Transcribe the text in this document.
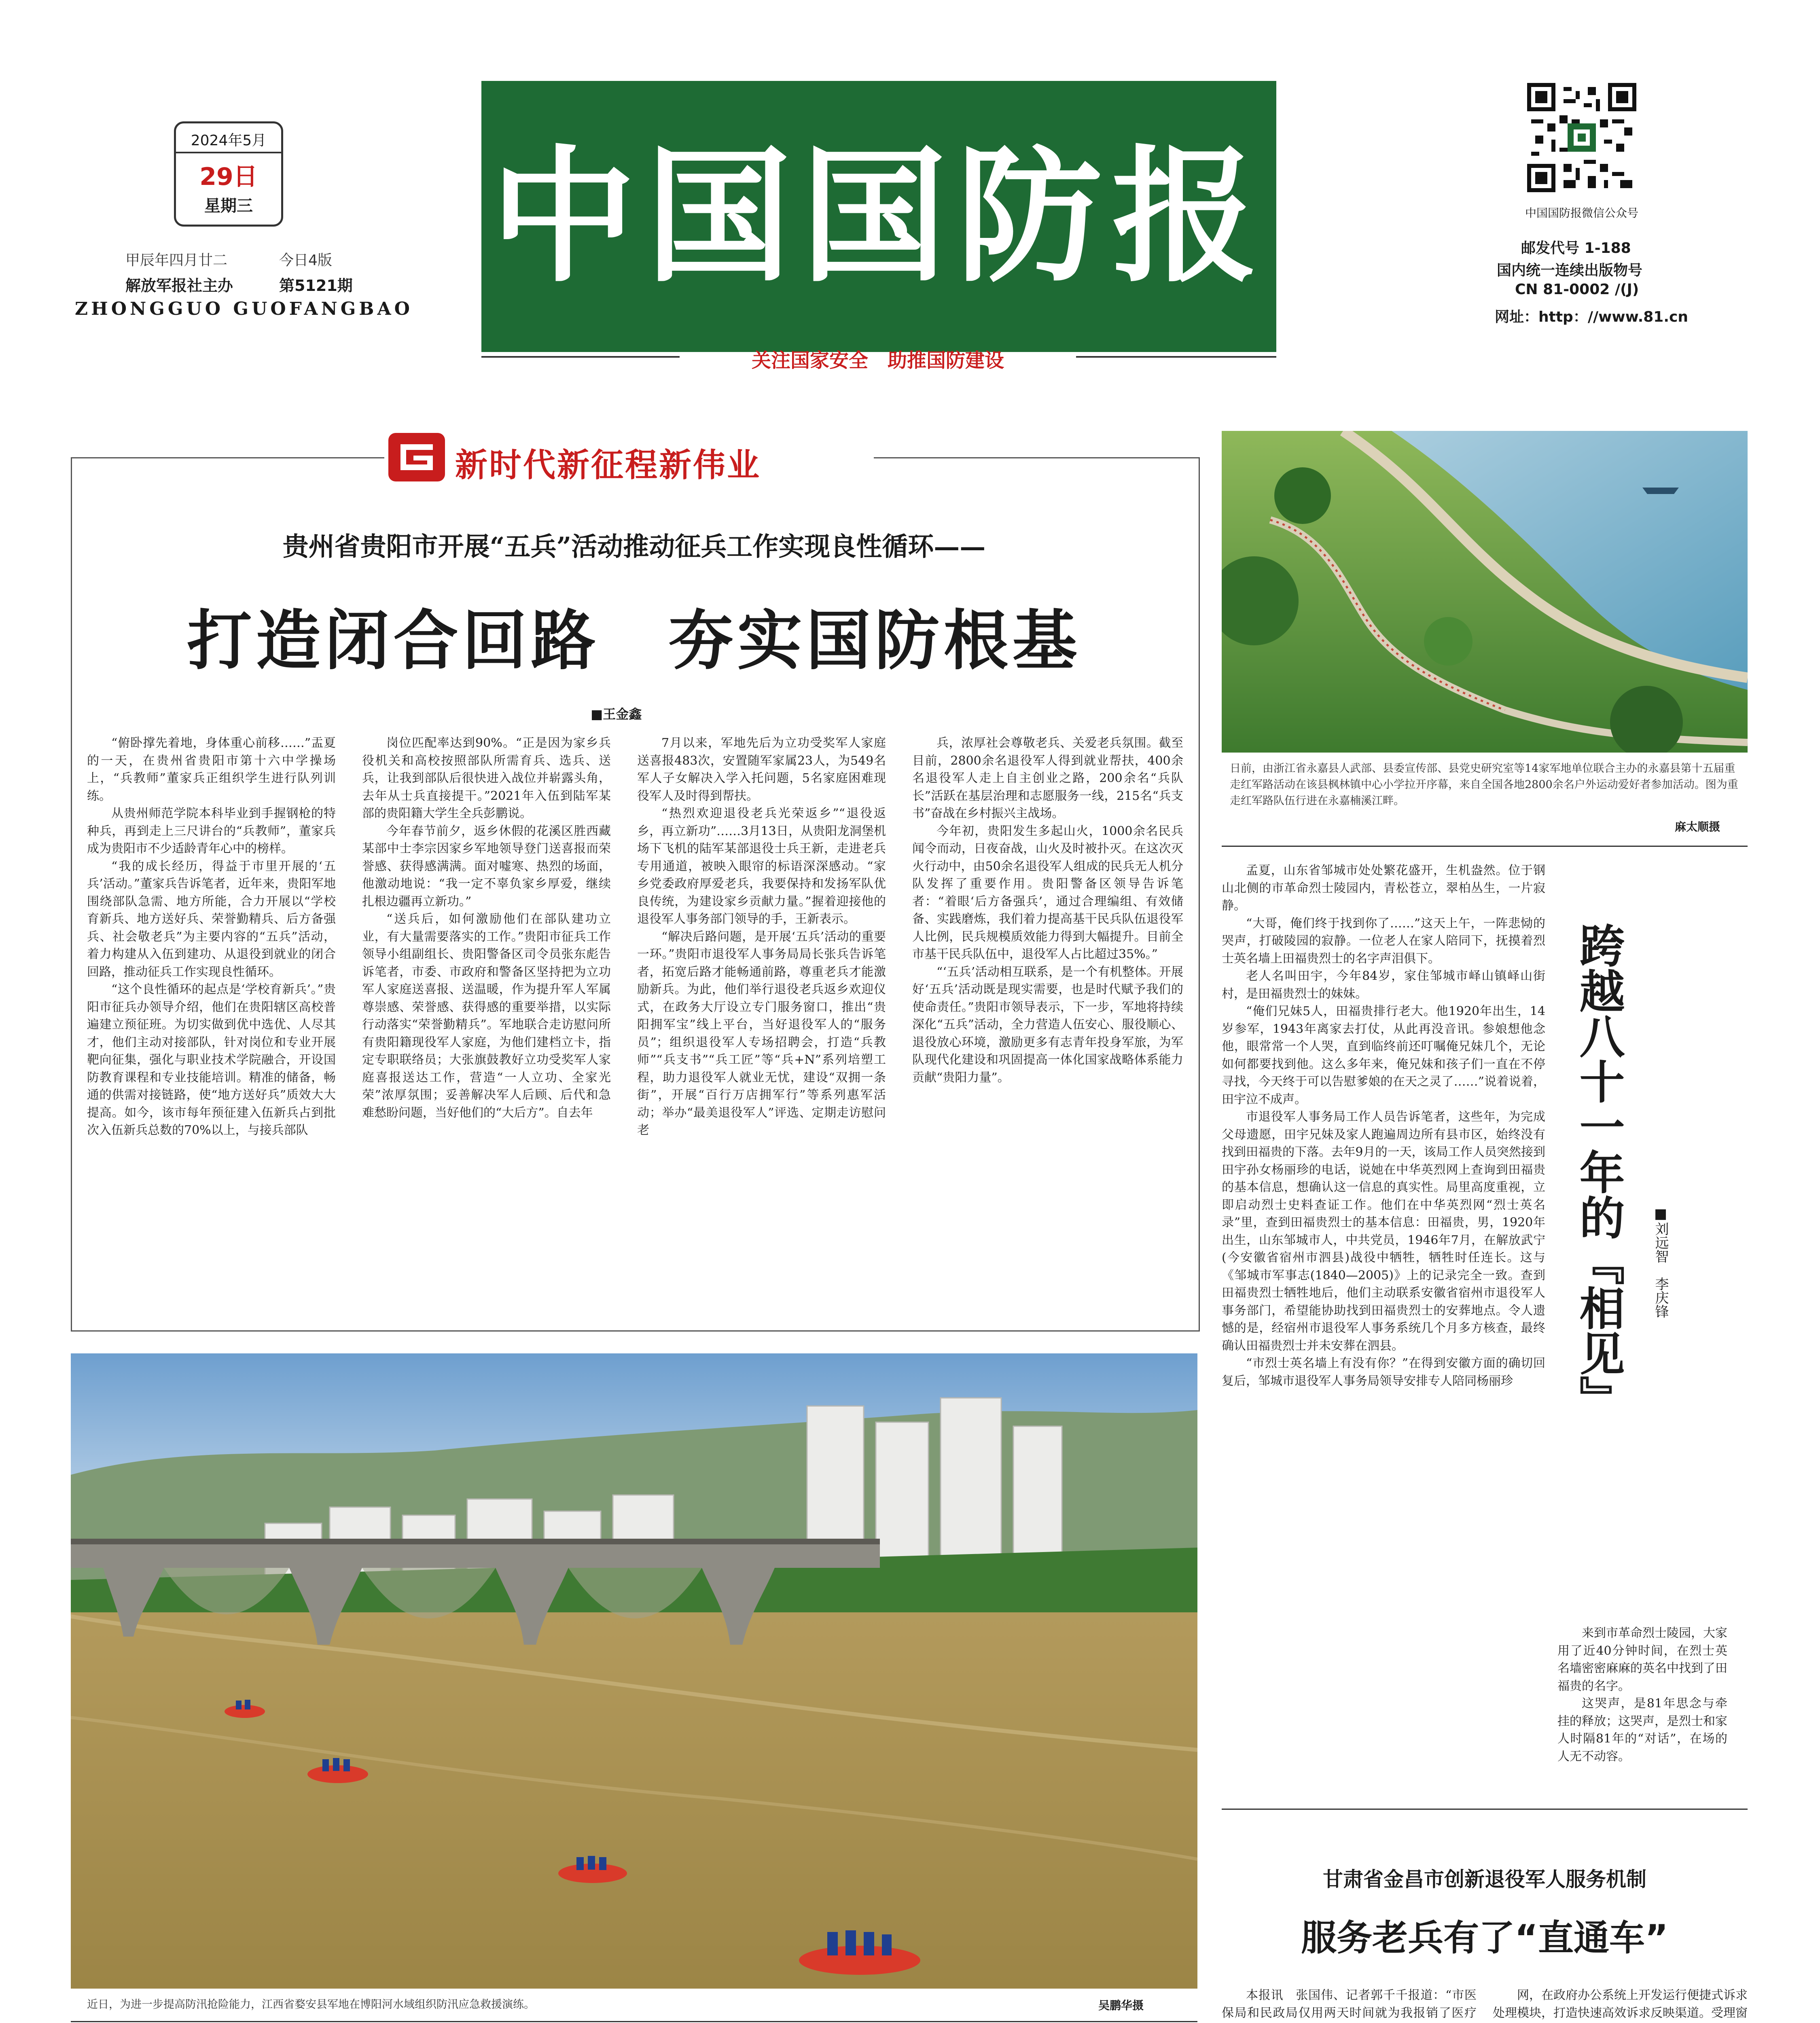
2024年5月
29日
星期三
甲辰年四月廿二	今日4版
解放军报社主办	第5121期
ZHONGGUO GUOFANGBAO
中国国防报
关注国家安全　助推国防建设
中国国防报微信公众号
邮发代号 1-188
国内统一连续出版物号
CN 81-0002 /(J)
网址：http：//www.81.cn
新时代新征程新伟业
贵州省贵阳市开展“五兵”活动推动征兵工作实现良性循环——
打造闭合回路　夯实国防根基
■王金鑫

“俯卧撑先着地，身体重心前移……”盂夏的一天，在贵州省贵阳市第十六中学操场上，“兵教师”董家兵正组织学生进行队列训练。

从贵州师范学院本科毕业到手握钢枪的特种兵，再到走上三尺讲台的“兵教师”，董家兵成为贵阳市不少适龄青年心中的榜样。

“我的成长经历，得益于市里开展的‘五兵’活动。”董家兵告诉笔者，近年来，贵阳军地围绕部队急需、地方所能，合力开展以“学校育新兵、地方送好兵、荣誉勤精兵、后方备强兵、社会敬老兵”为主要内容的“五兵”活动，着力构建从入伍到建功、从退役到就业的闭合回路，推动征兵工作实现良性循环。

“这个良性循环的起点是‘学校育新兵’。”贵阳市征兵办领导介绍，他们在贵阳辖区高校普遍建立预征班。为切实做到优中选优、人尽其才，他们主动对接部队，针对岗位和专业开展靶向征集，强化与职业技术学院融合，开设国防教育课程和专业技能培训。精准的储备，畅通的供需对接链路，使“地方送好兵”质效大大提高。如今，该市每年预征建入伍新兵占到批次入伍新兵总数的70%以上，与接兵部队

岗位匹配率达到90%。“正是因为家乡兵役机关和高校按照部队所需育兵、选兵、送兵，让我到部队后很快进入战位并崭露头角，去年从士兵直接提干。”2021年入伍到陆军某部的贵阳籍大学生全兵彭鹏说。

今年春节前夕，返乡休假的花溪区胜西藏某部中士李宗因家乡军地领导登门送喜报而荣誉感、获得感满满。面对嘘寒、热烈的场面，他激动地说：“我一定不辜负家乡厚爱，继续扎根边疆再立新功。”

“送兵后，如何激励他们在部队建功立业，有大量需要落实的工作。”贵阳市征兵工作领导小组副组长、贵阳警备区司令员张东彪告诉笔者，市委、市政府和警备区坚持把为立功军人家庭送喜报、送温暖，作为提升军人军属尊崇感、荣誉感、获得感的重要举措，以实际行动落实“荣誉勤精兵”。军地联合走访慰问所有贵阳籍现役军人家庭，为他们建档立卡，指定专职联络员；大张旗鼓教好立功受奖军人家庭喜报送达工作，营造“一人立功、全家光荣”浓厚氛围；妥善解决军人后顾、后代和急难愁盼问题，当好他们的“大后方”。自去年

7月以来，军地先后为立功受奖军人家庭送喜报483次，安置随军家属23人，为549名军人子女解决入学入托问题，5名家庭困难现役军人及时得到帮扶。

“热烈欢迎退役老兵光荣返乡”“退役返乡，再立新功”……3月13日，从贵阳龙洞堡机场下飞机的陆军某部退役士兵王新，走进老兵专用通道，被映入眼帘的标语深深感动。“家乡党委政府厚爱老兵，我要保持和发扬军队优良传统，为建设家乡贡献力量。”握着迎接他的退役军人事务部门领导的手，王新表示。

“解决后路问题，是开展‘五兵’活动的重要一环。”贵阳市退役军人事务局局长张兵告诉笔者，拓宽后路才能畅通前路，尊重老兵才能激励新兵。为此，他们举行退役老兵返乡欢迎仪式，在政务大厅设立专门服务窗口，推出“贵阳拥军宝”线上平台，当好退役军人的“服务员”；组织退役军人专场招聘会，打造“兵教师”“兵支书”“兵工匠”等“兵+N”系列培塑工程，助力退役军人就业无忧，建设“双拥一条街”，开展“百行万店拥军行”等系列惠军活动；举办“最美退役军人”评选、定期走访慰问老

兵，浓厚社会尊敬老兵、关爱老兵氛围。截至目前，2800余名退役军人得到就业帮扶，400余名退役军人走上自主创业之路，200余名“兵队长”活跃在基层治理和志愿服务一线，215名“兵支书”奋战在乡村振兴主战场。

今年初，贵阳发生多起山火，1000余名民兵闻令而动，日夜奋战，山火及时被扑灭。在这次灭火行动中，由50余名退役军人组成的民兵无人机分队发挥了重要作用。贵阳警备区领导告诉笔者：“着眼‘后方备强兵’，通过合理编组、有效储备、实践磨炼，我们着力提高基干民兵队伍退役军人比例，民兵规模质效能力得到大幅提升。目前全市基干民兵队伍中，退役军人占比超过35%。”

“‘五兵’活动相互联系，是一个有机整体。开展好‘五兵’活动既是现实需要，也是时代赋予我们的使命责任。”贵阳市领导表示，下一步，军地将持续深化“五兵”活动，全力营造人伍安心、服役顺心、退役放心环境，激励更多有志青年投身军旅，为军队现代化建设和巩固提高一体化国家战略体系能力贡献“贵阳力量”。

日前，由浙江省永嘉县人武部、县委宣传部、县党史研究室等14家军地单位联合主办的永嘉县第十五届重走红军路活动在该县枫林镇中心小学拉开序幕，来自全国各地2800余名户外运动爱好者参加活动。图为重走红军路队伍行进在永嘉楠溪江畔。
麻太顺摄

孟夏，山东省邹城市处处繁花盛开，生机盎然。位于钢山北侧的市革命烈士陵园内，青松苍立，翠柏丛生，一片寂静。

“大哥，俺们终于找到你了……”这天上午，一阵悲恸的哭声，打破陵园的寂静。一位老人在家人陪同下，抚摸着烈士英名墙上田福贵烈士的名字声泪俱下。

老人名叫田宇，今年84岁，家住邹城市峄山镇峄山街村，是田福贵烈士的妹妹。

“俺们兄妹5人，田福贵排行老大。他1920年出生，14岁参军，1943年离家去打仗，从此再没音讯。参娘想他念他，眼常常一个人哭，直到临终前还叮嘱俺兄妹几个，无论如何都要找到他。这么多年来，俺兄妹和孩子们一直在不停寻找，今天终于可以告慰爹娘的在天之灵了……”说着说着，田宇泣不成声。

市退役军人事务局工作人员告诉笔者，这些年，为完成父母遗愿，田宇兄妹及家人跑遍周边所有县市区，始终没有找到田福贵的下落。去年9月的一天，该局工作人员突然接到田宇孙女杨丽珍的电话，说她在中华英烈网上查询到田福贵的基本信息，想确认这一信息的真实性。局里高度重视，立即启动烈士史料查证工作。他们在中华英烈网“烈士英名录”里，查到田福贵烈士的基本信息：田福贵，男，1920年出生，山东邹城市人，中共党员，1946年7月，在解放武宁(今安徽省宿州市泗县)战役中牺牲，牺牲时任连长。这与《邹城市军事志(1840—2005)》上的记录完全一致。查到田福贵烈士牺牲地后，他们主动联系安徽省宿州市退役军人事务部门，希望能协助找到田福贵烈士的安葬地点。令人遗憾的是，经宿州市退役军人事务系统几个月多方核查，最终确认田福贵烈士并未安葬在泗县。

“市烈士英名墙上有没有你？”在得到安徽方面的确切回复后，邹城市退役军人事务局领导安排专人陪同杨丽珍	跨越八十一年的『相见』 ■刘远智　李庆锋

来到市革命烈士陵园，大家用了近40分钟时间，在烈士英名墙密密麻麻的英名中找到了田福贵的名字。

这哭声，是81年思念与牵挂的释放；这哭声，是烈士和家人时隔81年的“对话”，在场的人无不动容。

近日，为进一步提高防汛抢险能力，江西省婺安县军地在博阳河水域组织防汛应急救援演练。	吴鹏华摄
甘肃省金昌市创新退役军人服务机制
服务老兵有了“直通车”

本报讯　张国伟、记者郭千千报道：“市医保局和民政局仅用两天时间就为我报销了医疗

网，在政府办公系统上开发运行便捷式诉求处理模块，打造快速高效诉求反映渠道。受理窗
